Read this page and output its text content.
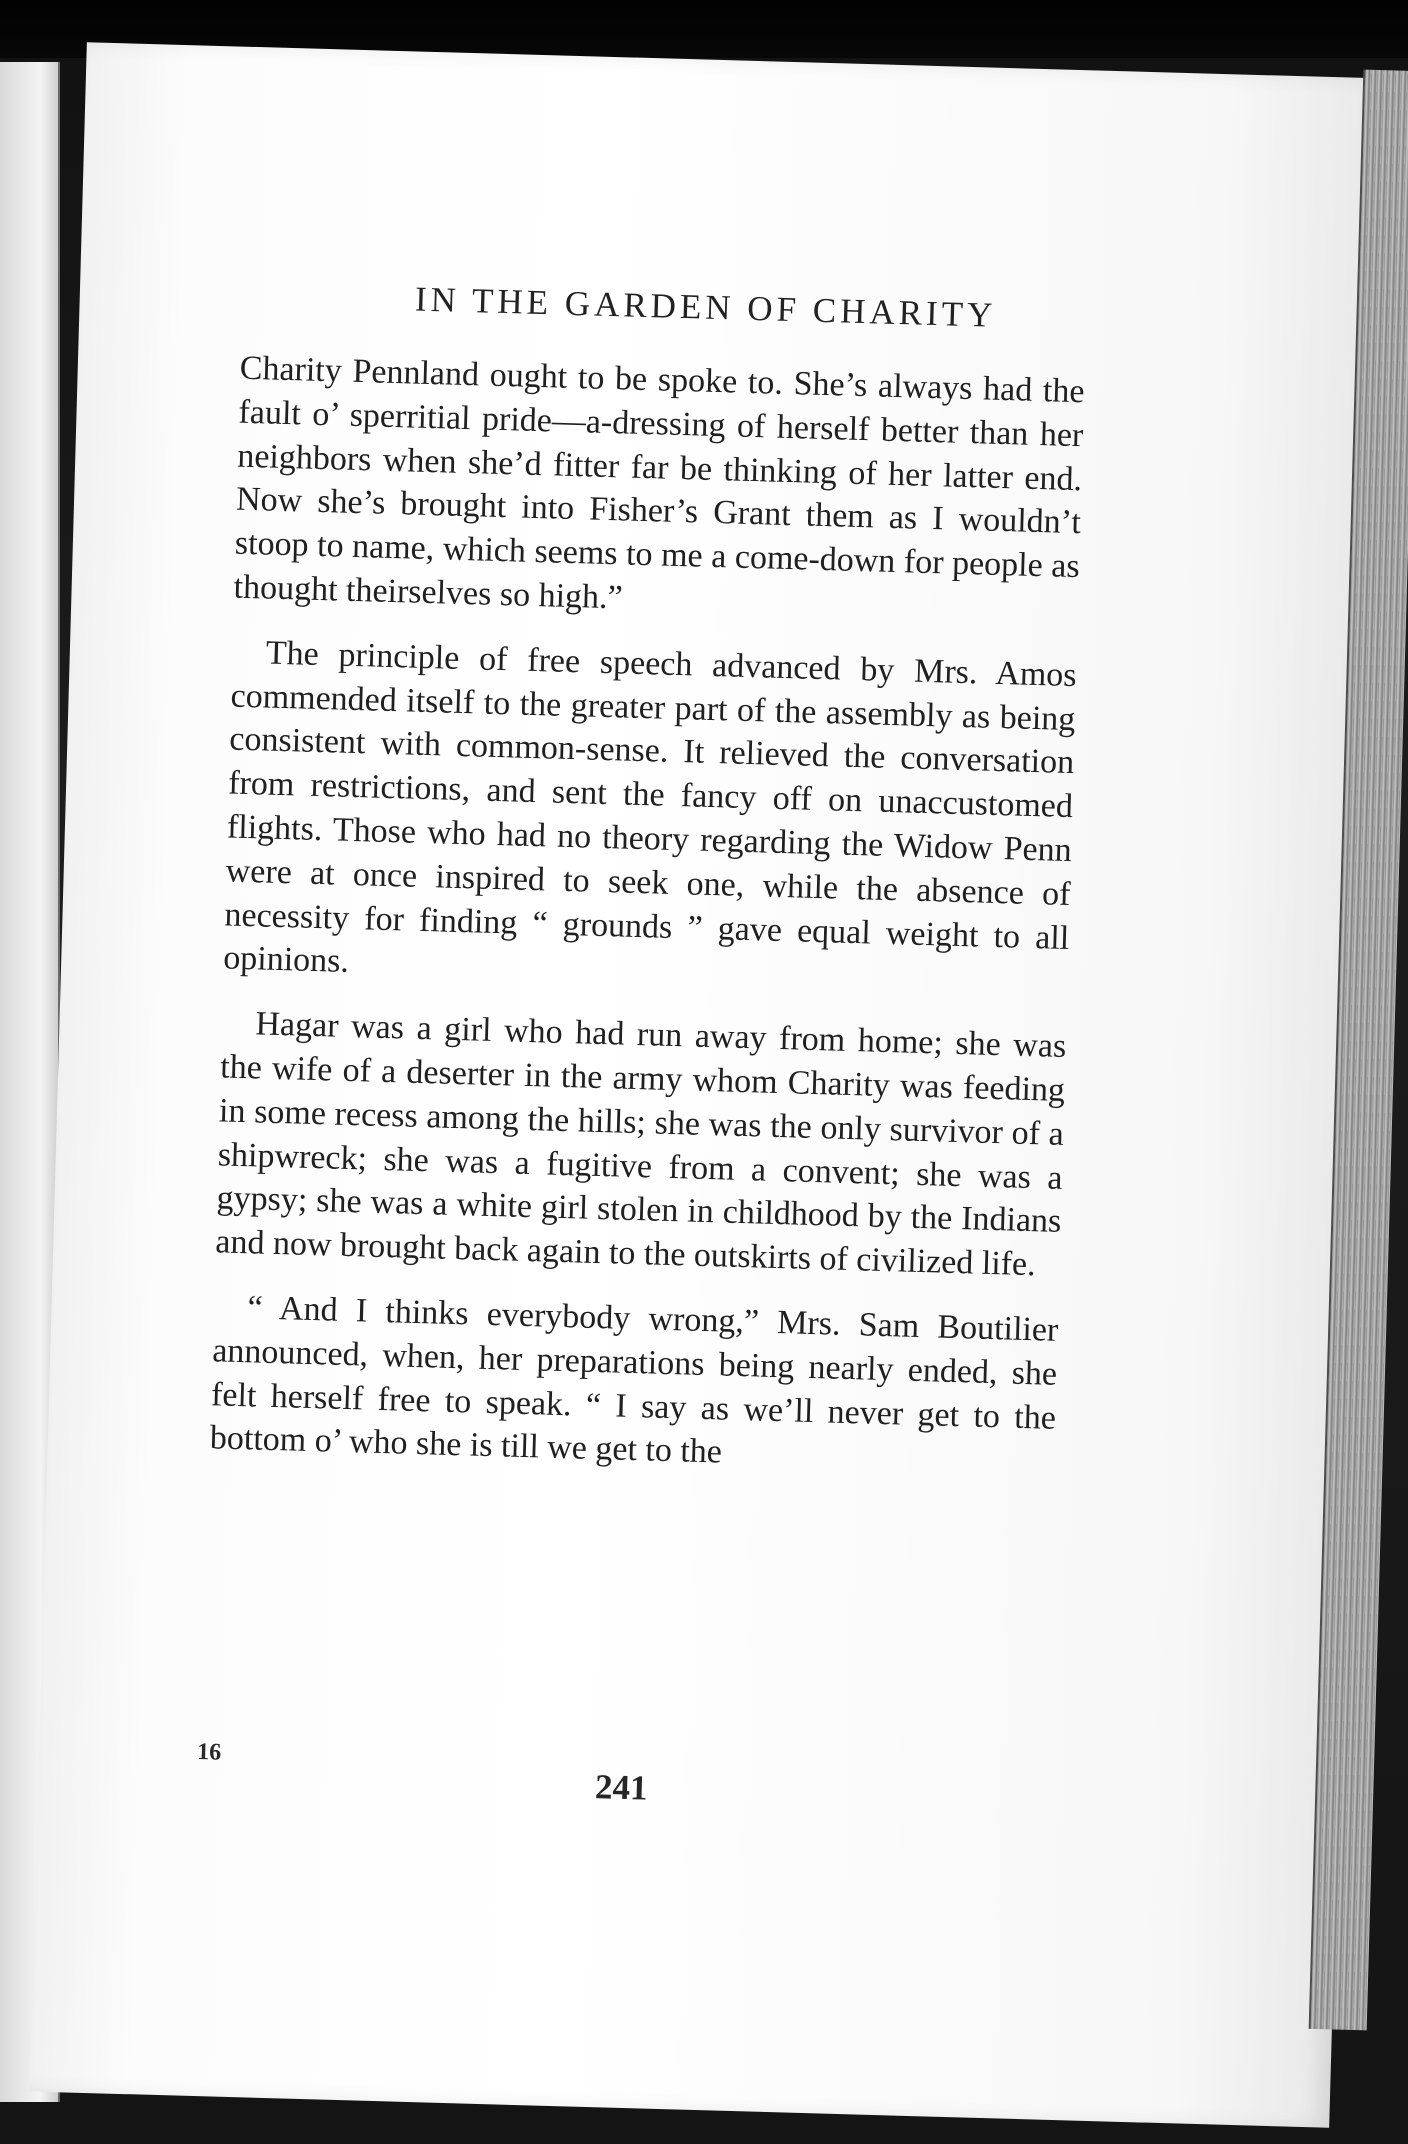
IN THE GARDEN OF CHARITY

Charity Pennland ought to be spoke to. She’s always had the fault o’ sperritial pride—a-dressing of herself better than her neighbors when she’d fitter far be thinking of her latter end. Now she’s brought into Fisher’s Grant them as I wouldn’t stoop to name, which seems to me a come-down for people as thought theirselves so high.”

The principle of free speech advanced by Mrs. Amos commended itself to the greater part of the assembly as being consistent with common-sense. It relieved the conversation from restrictions, and sent the fancy off on unaccustomed flights. Those who had no theory regarding the Widow Penn were at once inspired to seek one, while the absence of necessity for finding “ grounds ” gave equal weight to all opinions.

Hagar was a girl who had run away from home; she was the wife of a deserter in the army whom Charity was feeding in some recess among the hills; she was the only survivor of a shipwreck; she was a fugitive from a convent; she was a gypsy; she was a white girl stolen in childhood by the Indians and now brought back again to the outskirts of civilized life.

“ And I thinks everybody wrong,” Mrs. Sam Boutilier announced, when, her preparations being nearly ended, she felt herself free to speak. “ I say as we’ll never get to the bottom o’ who she is till we get to the

16
241
